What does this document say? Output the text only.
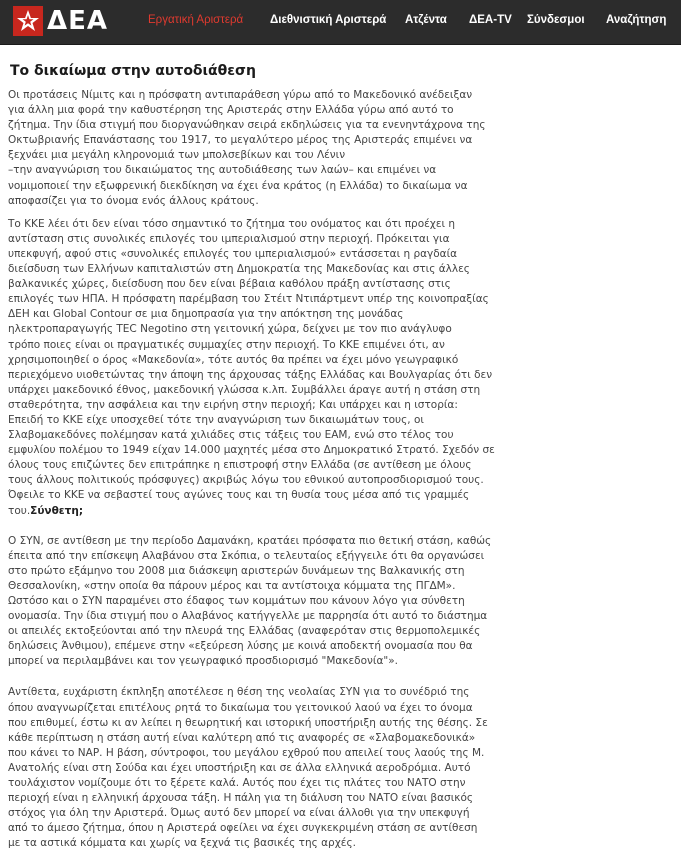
ΔΕΑ	Εργατική Αριστερά Διεθνιστική Αριστερά Ατζέντα ΔΕΑ-TV Σύνδεσμοι Αναζήτηση
Το δικαίωμα στην αυτοδιάθεση

Οι προτάσεις Νίμιτς και η πρόσφατη αντιπαράθεση γύρω από το Μακεδονικό ανέδειξαν
για άλλη μια φορά την καθυστέρηση της Αριστεράς στην Ελλάδα γύρω από αυτό το
ζήτημα. Την ίδια στιγμή που διοργανώθηκαν σειρά εκδηλώσεις για τα ενενηντάχρονα της
Οκτωβριανής Επανάστασης του 1917, το μεγαλύτερο μέρος της Αριστεράς επιμένει να
ξεχνάει μια μεγάλη κληρονομιά των μπολσεβίκων και του Λένιν
–την αναγνώριση του δικαιώματος της αυτοδιάθεσης των λαών– και επιμένει να
νομιμοποιεί την εξωφρενική διεκδίκηση να έχει ένα κράτος (η Ελλάδα) το δικαίωμα να
αποφασίζει για το όνομα ενός άλλους κράτους.

Το ΚΚΕ λέει ότι δεν είναι τόσο σημαντικό το ζήτημα του ονόματος και ότι προέχει η
αντίσταση στις συνολικές επιλογές του ιμπεριαλισμού στην περιοχή. Πρόκειται για
υπεκφυγή, αφού στις «συνολικές επιλογές του ιμπεριαλισμού» εντάσσεται η ραγδαία
διείσδυση των Ελλήνων καπιταλιστών στη Δημοκρατία της Μακεδονίας και στις άλλες
βαλκανικές χώρες, διείσδυση που δεν είναι βέβαια καθόλου πράξη αντίστασης στις
επιλογές των ΗΠΑ. Η πρόσφατη παρέμβαση του Στέιτ Ντιπάρτμεντ υπέρ της κοινοπραξίας
ΔΕΗ και Global Contour σε μια δημοπρασία για την απόκτηση της μονάδας
ηλεκτροπαραγωγής TEC Negotino στη γειτονική χώρα, δείχνει με τον πιο ανάγλυφο
τρόπο ποιες είναι οι πραγματικές συμμαχίες στην περιοχή. Το ΚΚΕ επιμένει ότι, αν
χρησιμοποιηθεί ο όρος «Μακεδονία», τότε αυτός θα πρέπει να έχει μόνο γεωγραφικό
περιεχόμενο υιοθετώντας την άποψη της άρχουσας τάξης Ελλάδας και Βουλγαρίας ότι δεν
υπάρχει μακεδονικό έθνος, μακεδονική γλώσσα κ.λπ. Συμβάλλει άραγε αυτή η στάση στη
σταθερότητα, την ασφάλεια και την ειρήνη στην περιοχή; Και υπάρχει και η ιστορία:
Επειδή το ΚΚΕ είχε υποσχεθεί τότε την αναγνώριση των δικαιωμάτων τους, οι
Σλαβομακεδόνες πολέμησαν κατά χιλιάδες στις τάξεις του ΕΑΜ, ενώ στο τέλος του
εμφυλίου πολέμου το 1949 είχαν 14.000 μαχητές μέσα στο Δημοκρατικό Στρατό. Σχεδόν σε
όλους τους επιζώντες δεν επιτράπηκε η επιστροφή στην Ελλάδα (σε αντίθεση με όλους
τους άλλους πολιτικούς πρόσφυγες) ακριβώς λόγω του εθνικού αυτοπροσδιορισμού τους.
Όφειλε το ΚΚΕ να σεβαστεί τους αγώνες τους και τη θυσία τους μέσα από τις γραμμές
του.Σύνθετη;

Ο ΣΥΝ, σε αντίθεση με την περίοδο Δαμανάκη, κρατάει πρόσφατα πιο θετική στάση, καθώς
έπειτα από την επίσκεψη Αλαβάνου στα Σκόπια, ο τελευταίος εξήγγειλε ότι θα οργανώσει
στο πρώτο εξάμηνο του 2008 μια διάσκεψη αριστερών δυνάμεων της Βαλκανικής στη
Θεσσαλονίκη, «στην οποία θα πάρουν μέρος και τα αντίστοιχα κόμματα της ΠΓΔΜ».
Ωστόσο και ο ΣΥΝ παραμένει στο έδαφος των κομμάτων που κάνουν λόγο για σύνθετη
ονομασία. Την ίδια στιγμή που ο Αλαβάνος κατήγγελλε με παρρησία ότι αυτό το διάστημα
οι απειλές εκτοξεύονται από την πλευρά της Ελλάδας (αναφερόταν στις θερμοπολεμικές
δηλώσεις Άνθιμου), επέμενε στην «εξεύρεση λύσης με κοινά αποδεκτή ονομασία που θα
μπορεί να περιλαμβάνει και τον γεωγραφικό προσδιορισμό "Μακεδονία"».

Αντίθετα, ευχάριστη έκπληξη αποτέλεσε η θέση της νεολαίας ΣΥΝ για το συνέδριό της
όπου αναγνωρίζεται επιτέλους ρητά το δικαίωμα του γειτονικού λαού να έχει το όνομα
που επιθυμεί, έστω κι αν λείπει η θεωρητική και ιστορική υποστήριξη αυτής της θέσης. Σε
κάθε περίπτωση η στάση αυτή είναι καλύτερη από τις αναφορές σε «Σλαβομακεδονικά»
που κάνει το ΝΑΡ. Η βάση, σύντροφοι, του μεγάλου εχθρού που απειλεί τους λαούς της Μ.
Ανατολής είναι στη Σούδα και έχει υποστήριξη και σε άλλα ελληνικά αεροδρόμια. Αυτό
τουλάχιστον νομίζουμε ότι το ξέρετε καλά. Αυτός που έχει τις πλάτες του ΝΑΤΟ στην
περιοχή είναι η ελληνική άρχουσα τάξη. Η πάλη για τη διάλυση του ΝΑΤΟ είναι βασικός
στόχος για όλη την Αριστερά. Όμως αυτό δεν μπορεί να είναι άλλοθι για την υπεκφυγή
από το άμεσο ζήτημα, όπου η Αριστερά οφείλει να έχει συγκεκριμένη στάση σε αντίθεση
με τα αστικά κόμματα και χωρίς να ξεχνά τις βασικές της αρχές.
